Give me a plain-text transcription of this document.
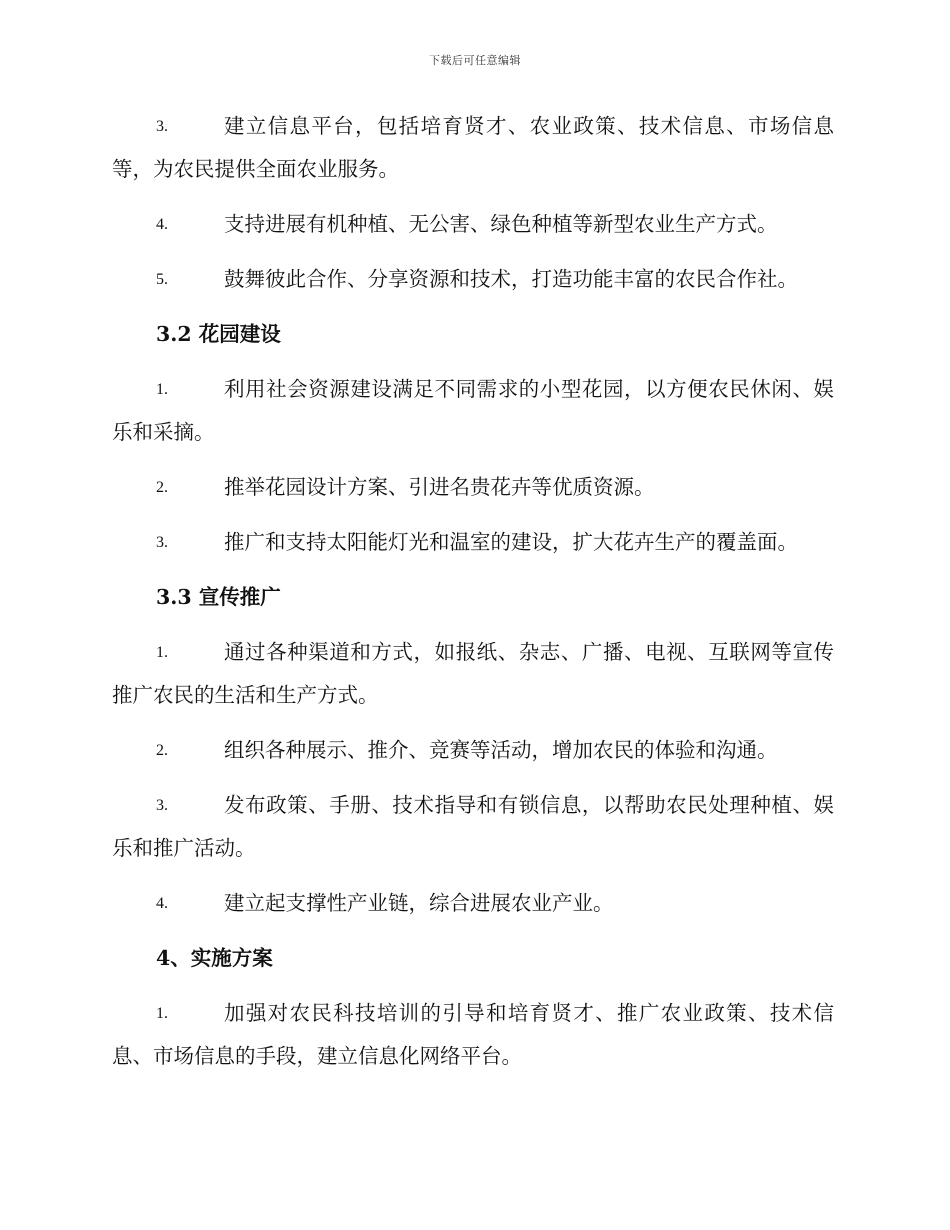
下载后可任意编辑

3.	建立信息平台，包括培育贤才、农业政策、技术信息、市场信息等，为农民提供全面农业服务。

4.	支持进展有机种植、无公害、绿色种植等新型农业生产方式。

5.	鼓舞彼此合作、分享资源和技术，打造功能丰富的农民合作社。

3.2 花园建设

1.	利用社会资源建设满足不同需求的小型花园，以方便农民休闲、娱乐和采摘。

2.	推举花园设计方案、引进名贵花卉等优质资源。

3.	推广和支持太阳能灯光和温室的建设，扩大花卉生产的覆盖面。

3.3 宣传推广

1.	通过各种渠道和方式，如报纸、杂志、广播、电视、互联网等宣传推广农民的生活和生产方式。

2.	组织各种展示、推介、竞赛等活动，增加农民的体验和沟通。

3.	发布政策、手册、技术指导和有锁信息，以帮助农民处理种植、娱乐和推广活动。

4.	建立起支撑性产业链，综合进展农业产业。

4、实施方案

1.	加强对农民科技培训的引导和培育贤才、推广农业政策、技术信息、市场信息的手段，建立信息化网络平台。
